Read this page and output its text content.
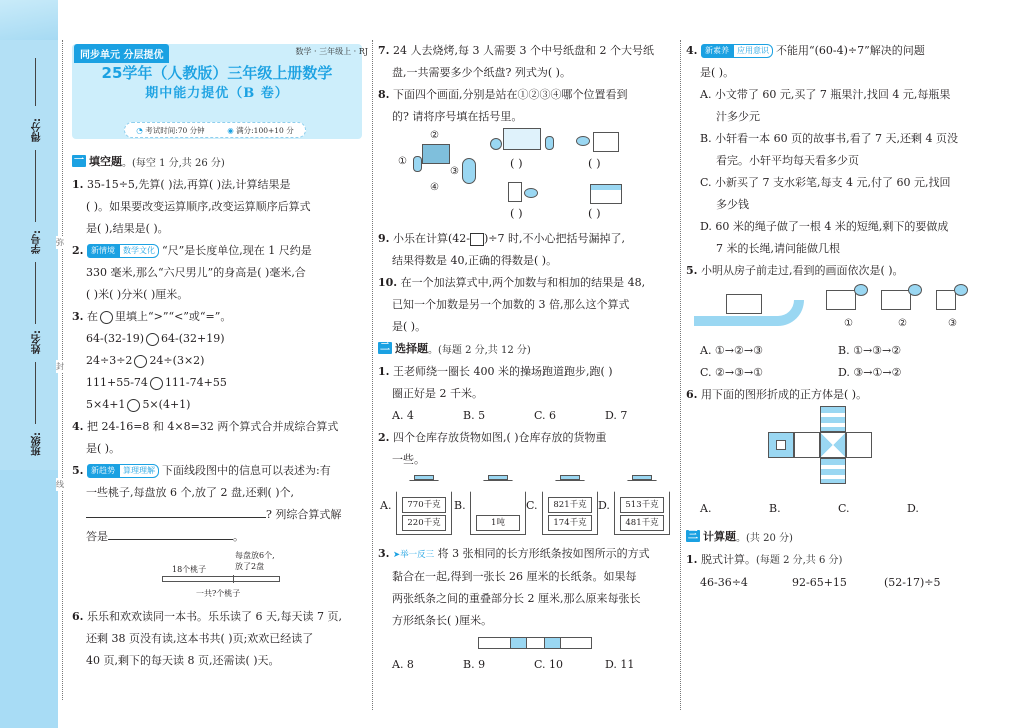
得分:
学号:
姓名:
班级:
弥
封
线
同步单元 分层提优	数学 · 三年级上 · RJ
25学年（人教版）三年级上册数学
期中能力提优（B 卷）
◔ 考试时间:70 分钟	◉ 满分:100+10 分
一 填空题 。(每空 1 分,共 26 分)
1. 35-15÷5,先算( )法,再算( )法,计算结果是
( )。如果要改变运算顺序,改变运算顺序后算式
是( ),结果是( )。
2. 新情境 数学文化 “尺”是长度单位,现在 1 尺约是
330 毫米,那么“六尺男儿”的身高是( )毫米,合
( )米( )分米( )厘米。
3. 在 里填上“>”“<”或“=”。
64-(32-19) 64-(32+19)
24÷3÷2 24÷(3×2)
111+55-74 111-74+55
5×4+1 5×(4+1)
4. 把 24-16=8 和 4×8=32 两个算式合并成综合算式
是( )。
5. 新趋势 算理理解 下面线段图中的信息可以表述为:有
一些桃子,每盘放 6 个,放了 2 盘,还剩( )个,
? 列综合算式解
答是	。
18个桃子
每盘放6个,
放了2盘
一共?个桃子
6. 乐乐和欢欢读同一本书。乐乐读了 6 天,每天读 7 页,
还剩 38 页没有读,这本书共( )页;欢欢已经读了
40 页,剩下的每天读 8 页,还需读( )天。
7. 24 人去烧烤,每 3 人需要 3 个中号纸盘和 2 个大号纸
盘,一共需要多少个纸盘? 列式为( )。
8. 下面四个画面,分别是站在①②③④哪个位置看到
的? 请将序号填在括号里。
②
①
③
④
( )	( )
( )	( )
9. 小乐在计算(42- )÷7 时,不小心把括号漏掉了,
结果得数是 40,正确的得数是( )。
10. 在一个加法算式中,两个加数与和相加的结果是 48,
已知一个加数是另一个加数的 3 倍,那么这个算式
是( )。
二 选择题 。(每题 2 分,共 12 分)
1. 王老师绕一圈长 400 米的操场跑道跑步,跑( )
圈正好是 2 千米。
A. 4	B. 5	C. 6	D. 7
2. 四个仓库存放货物如图,( )仓库存放的货物重
一些。
A.	770千克
220千克
B.
1吨
C.	821千克
174千克
D.	513千克
481千克
3. ➤举一反三 将 3 张相同的长方形纸条按如图所示的方式
黏合在一起,得到一张长 26 厘米的长纸条。如果每
两张纸条之间的重叠部分长 2 厘米,那么原来每张长
方形纸条长( )厘米。
A. 8	B. 9	C. 10	D. 11
4. 新素养 应用意识 不能用“(60-4)÷7”解决的问题
是( )。
A. 小文带了 60 元,买了 7 瓶果汁,找回 4 元,每瓶果
汁多少元
B. 小轩看一本 60 页的故事书,看了 7 天,还剩 4 页没
看完。小轩平均每天看多少页
C. 小新买了 7 支水彩笔,每支 4 元,付了 60 元,找回
多少钱
D. 60 米的绳子做了一根 4 米的短绳,剩下的要做成
7 米的长绳,请问能做几根
5. 小明从房子前走过,看到的画面依次是( )。
①	②	③
A. ①→②→③	B. ①→③→②
C. ②→③→①	D. ③→①→②
6. 用下面的图形折成的正方体是( )。
A.	B.	C.	D.
三 计算题 。(共 20 分)
1. 脱式计算。(每题 2 分,共 6 分)
46-36÷4	92-65+15	(52-17)÷5
